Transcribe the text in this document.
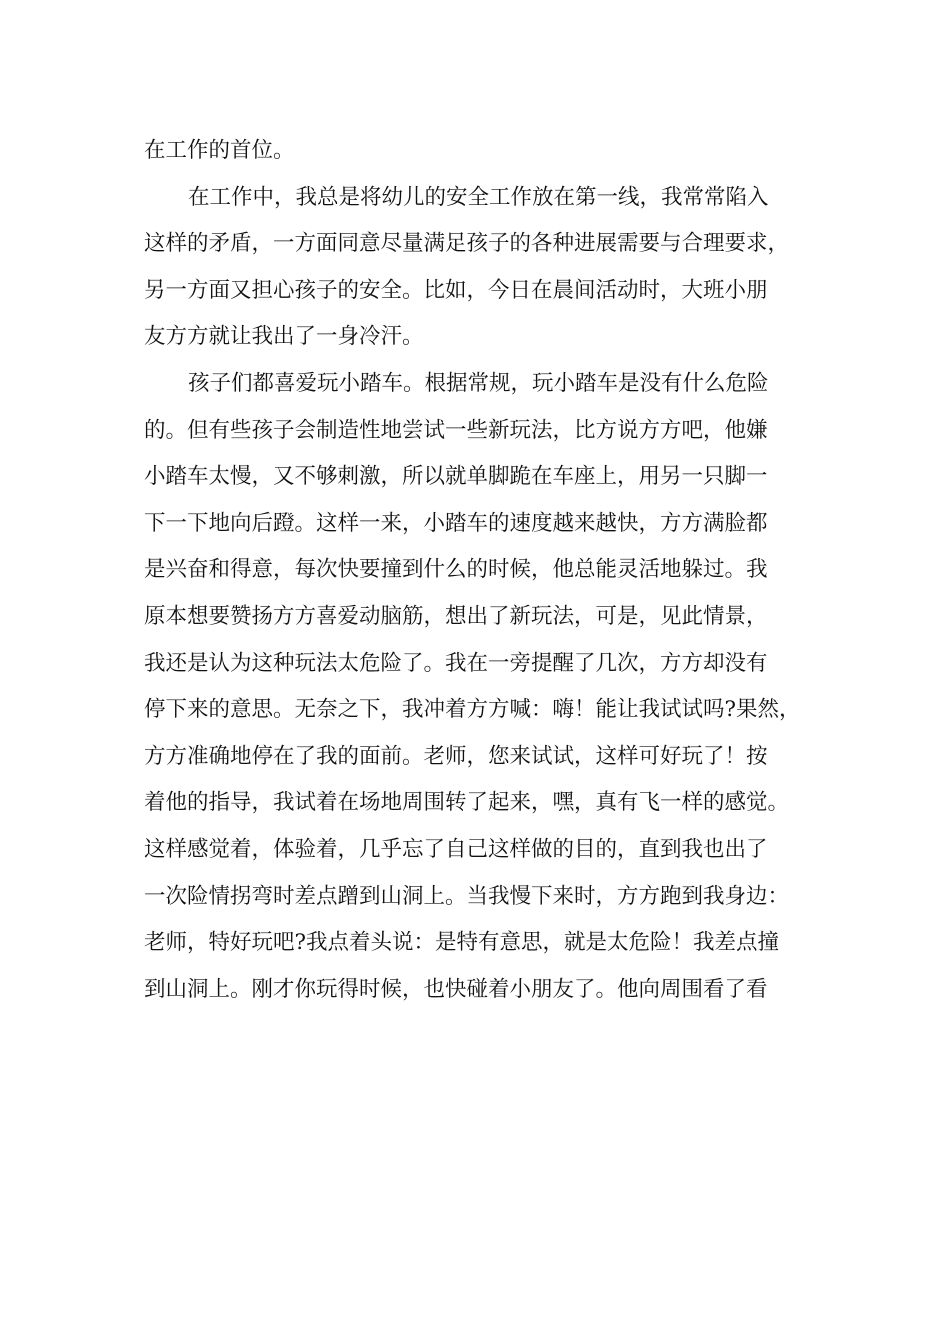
在工作的首位。
在工作中，我总是将幼儿的安全工作放在第一线，我常常陷入
这样的矛盾，一方面同意尽量满足孩子的各种进展需要与合理要求，
另一方面又担心孩子的安全。比如，今日在晨间活动时，大班小朋
友方方就让我出了一身冷汗。
孩子们都喜爱玩小踏车。根据常规，玩小踏车是没有什么危险
的。但有些孩子会制造性地尝试一些新玩法，比方说方方吧，他嫌
小踏车太慢，又不够刺激，所以就单脚跪在车座上，用另一只脚一
下一下地向后蹬。这样一来，小踏车的速度越来越快，方方满脸都
是兴奋和得意，每次快要撞到什么的时候，他总能灵活地躲过。我
原本想要赞扬方方喜爱动脑筋，想出了新玩法，可是，见此情景，
我还是认为这种玩法太危险了。我在一旁提醒了几次，方方却没有
停下来的意思。无奈之下，我冲着方方喊：嗨！能让我试试吗?果然，
方方准确地停在了我的面前。老师，您来试试，这样可好玩了！按
着他的指导，我试着在场地周围转了起来，嘿，真有飞一样的感觉。
这样感觉着，体验着，几乎忘了自己这样做的目的，直到我也出了
一次险情拐弯时差点蹭到山洞上。当我慢下来时，方方跑到我身边：
老师，特好玩吧?我点着头说：是特有意思，就是太危险！我差点撞
到山洞上。刚才你玩得时候，也快碰着小朋友了。他向周围看了看
